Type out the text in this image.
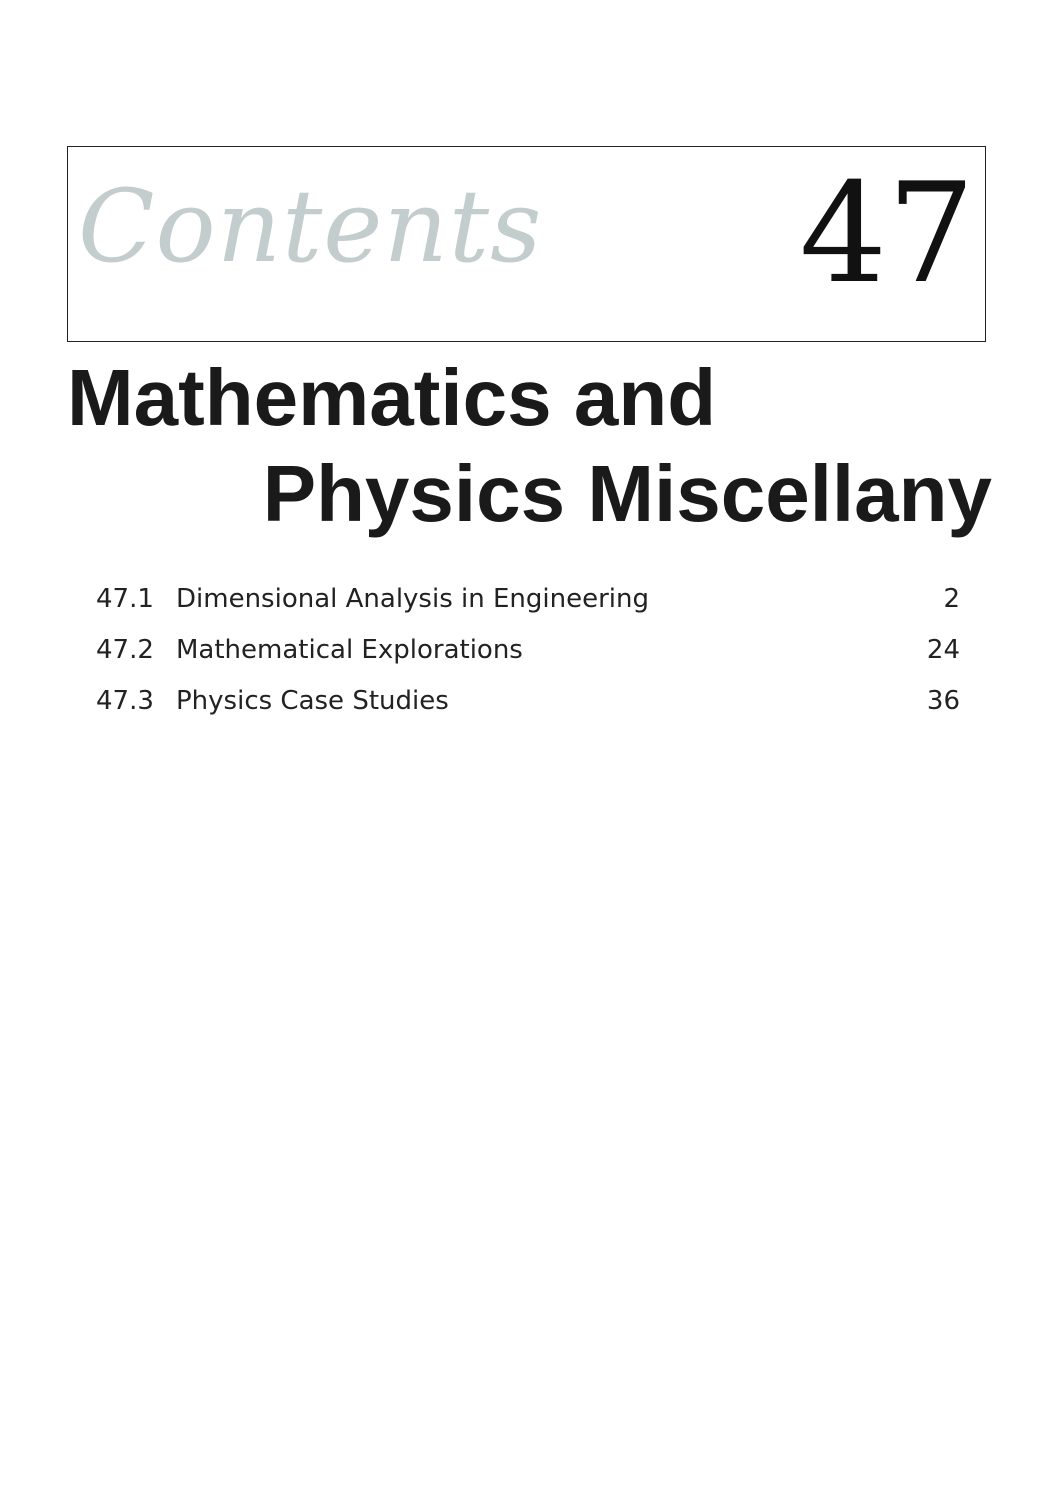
Contents 47
Mathematics and
Physics Miscellany
47.1 Dimensional Analysis in Engineering	2
47.2 Mathematical Explorations	24
47.3 Physics Case Studies	36
